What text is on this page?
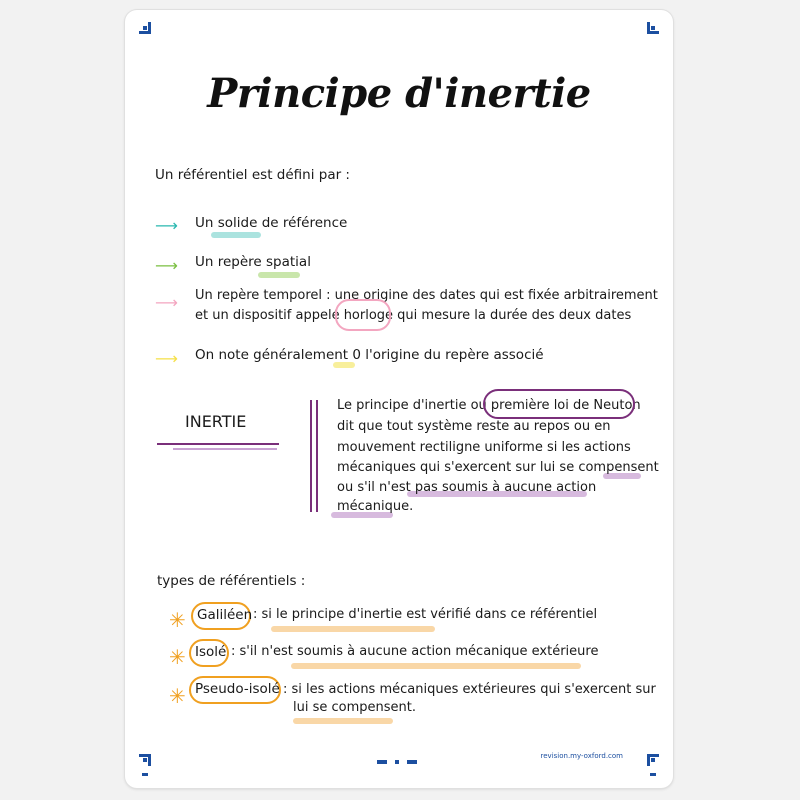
Principe d'inertie
Un référentiel est défini par :
⟶ Un solide de référence
⟶ Un repère spatial
⟶ Un repère temporel : une origine des dates qui est fixée arbitrairement
et un dispositif appelé horloge qui mesure la durée des deux dates
⟶ On note généralement 0 l'origine du repère associé
INERTIE
Le principe d'inertie ou première loi de Neuton
dit que tout système reste au repos ou en
mouvement rectiligne uniforme si les actions
mécaniques qui s'exercent sur lui se compensent
ou s'il n'est pas soumis à aucune action
mécanique.
types de référentiels :
✳ Galiléen : si le principe d'inertie est vérifié dans ce référentiel
✳ Isolé : s'il n'est soumis à aucune action mécanique extérieure
✳ Pseudo-isolé : si les actions mécaniques extérieures qui s'exercent sur
lui se compensent.
revision.my-oxford.com
